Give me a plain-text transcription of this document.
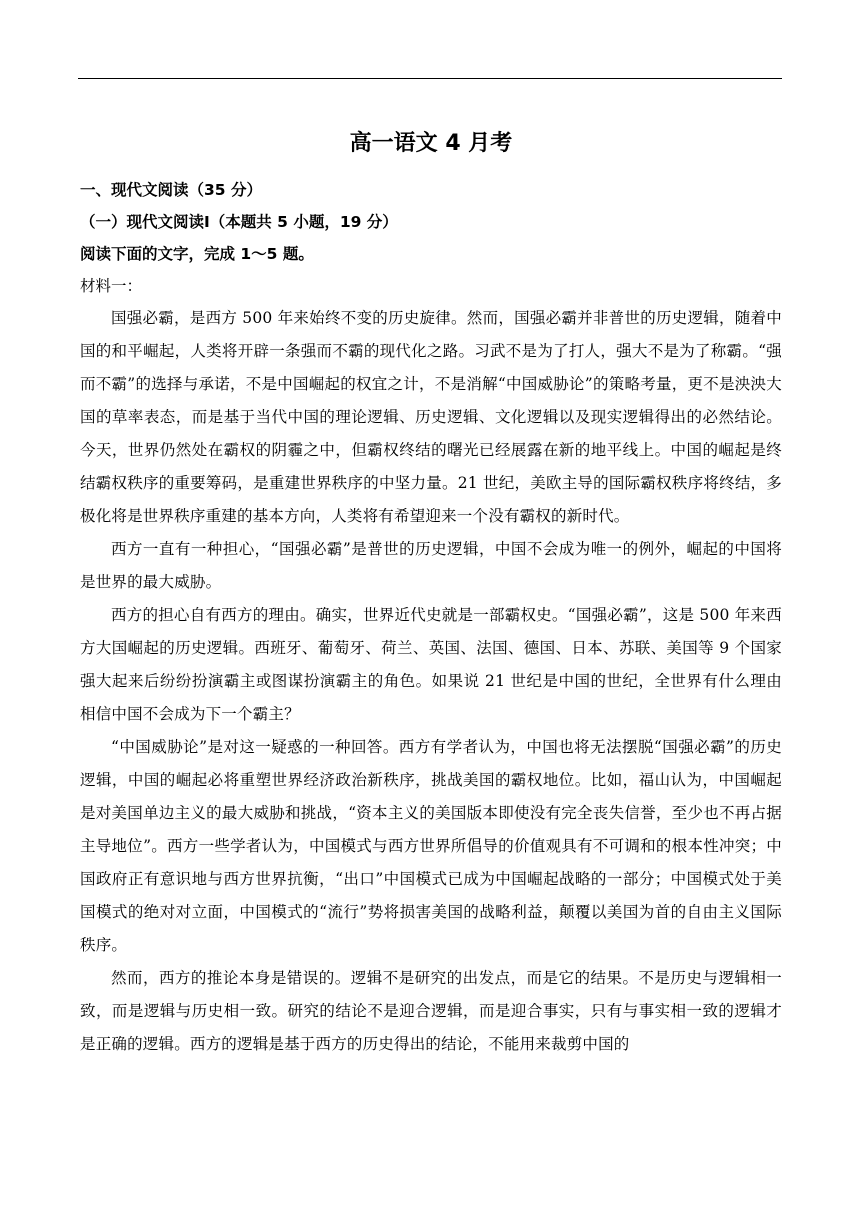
高一语文 4 月考

一、现代文阅读（35 分）

（一）现代文阅读Ⅰ（本题共 5 小题，19 分）

阅读下面的文字，完成 1～5 题。

材料一：

国强必霸，是西方 500 年来始终不变的历史旋律。然而，国强必霸并非普世的历史逻辑，随着中国的和平崛起，人类将开辟一条强而不霸的现代化之路。习武不是为了打人，强大不是为了称霸。“强而不霸”的选择与承诺，不是中国崛起的权宜之计，不是消解“中国威胁论”的策略考量，更不是泱泱大国的草率表态，而是基于当代中国的理论逻辑、历史逻辑、文化逻辑以及现实逻辑得出的必然结论。今天，世界仍然处在霸权的阴霾之中，但霸权终结的曙光已经展露在新的地平线上。中国的崛起是终结霸权秩序的重要筹码，是重建世界秩序的中坚力量。21 世纪，美欧主导的国际霸权秩序将终结，多极化将是世界秩序重建的基本方向，人类将有希望迎来一个没有霸权的新时代。

西方一直有一种担心，“国强必霸”是普世的历史逻辑，中国不会成为唯一的例外，崛起的中国将是世界的最大威胁。

西方的担心自有西方的理由。确实，世界近代史就是一部霸权史。“国强必霸”，这是 500 年来西方大国崛起的历史逻辑。西班牙、葡萄牙、荷兰、英国、法国、德国、日本、苏联、美国等 9 个国家强大起来后纷纷扮演霸主或图谋扮演霸主的角色。如果说 21 世纪是中国的世纪，全世界有什么理由相信中国不会成为下一个霸主？

“中国威胁论”是对这一疑惑的一种回答。西方有学者认为，中国也将无法摆脱“国强必霸”的历史逻辑，中国的崛起必将重塑世界经济政治新秩序，挑战美国的霸权地位。比如，福山认为，中国崛起是对美国单边主义的最大威胁和挑战，“资本主义的美国版本即使没有完全丧失信誉，至少也不再占据主导地位”。西方一些学者认为，中国模式与西方世界所倡导的价值观具有不可调和的根本性冲突；中国政府正有意识地与西方世界抗衡，“出口”中国模式已成为中国崛起战略的一部分；中国模式处于美国模式的绝对对立面，中国模式的“流行”势将损害美国的战略利益，颠覆以美国为首的自由主义国际秩序。

然而，西方的推论本身是错误的。逻辑不是研究的出发点，而是它的结果。不是历史与逻辑相一致，而是逻辑与历史相一致。研究的结论不是迎合逻辑，而是迎合事实，只有与事实相一致的逻辑才是正确的逻辑。西方的逻辑是基于西方的历史得出的结论，不能用来裁剪中国的
